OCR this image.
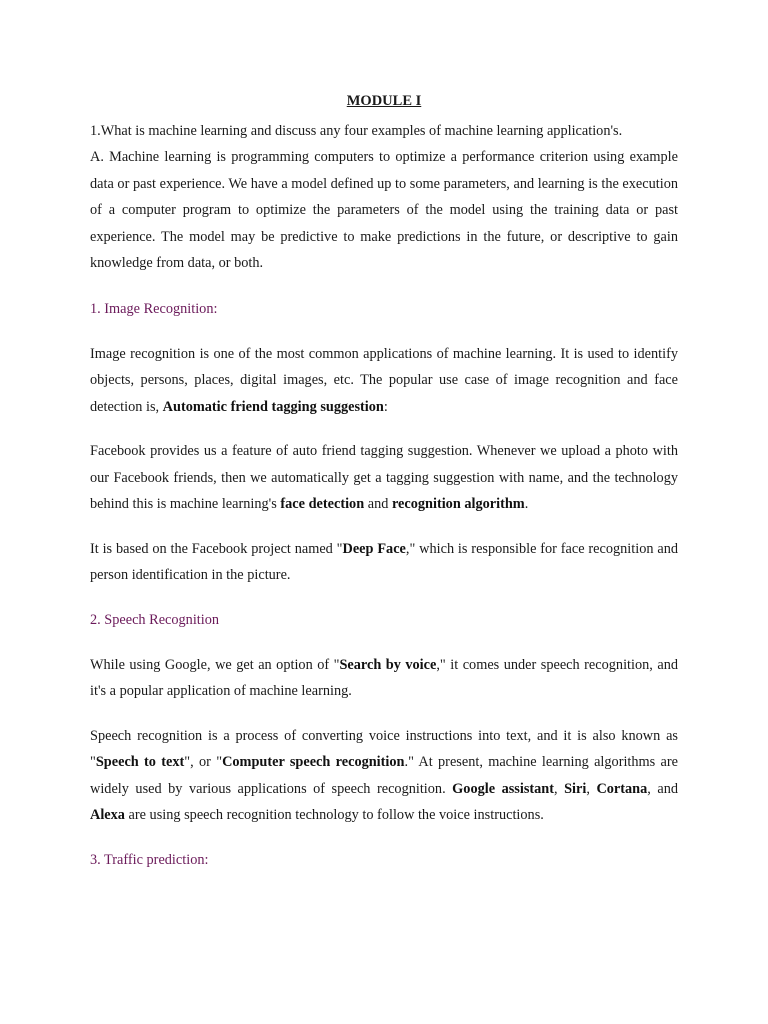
MODULE I

1.What is machine learning and discuss any four examples of machine learning application's.

A. Machine learning is programming computers to optimize a performance criterion using example data or past experience. We have a model defined up to some parameters, and learning is the execution of a computer program to optimize the parameters of the model using the training data or past experience. The model may be predictive to make predictions in the future, or descriptive to gain knowledge from data, or both.

1. Image Recognition:

Image recognition is one of the most common applications of machine learning. It is used to identify objects, persons, places, digital images, etc. The popular use case of image recognition and face detection is, Automatic friend tagging suggestion:

Facebook provides us a feature of auto friend tagging suggestion. Whenever we upload a photo with our Facebook friends, then we automatically get a tagging suggestion with name, and the technology behind this is machine learning's face detection and recognition algorithm.

It is based on the Facebook project named "Deep Face," which is responsible for face recognition and person identification in the picture.

2. Speech Recognition

While using Google, we get an option of "Search by voice," it comes under speech recognition, and it's a popular application of machine learning.

Speech recognition is a process of converting voice instructions into text, and it is also known as "Speech to text", or "Computer speech recognition." At present, machine learning algorithms are widely used by various applications of speech recognition. Google assistant, Siri, Cortana, and Alexa are using speech recognition technology to follow the voice instructions.

3. Traffic prediction:
